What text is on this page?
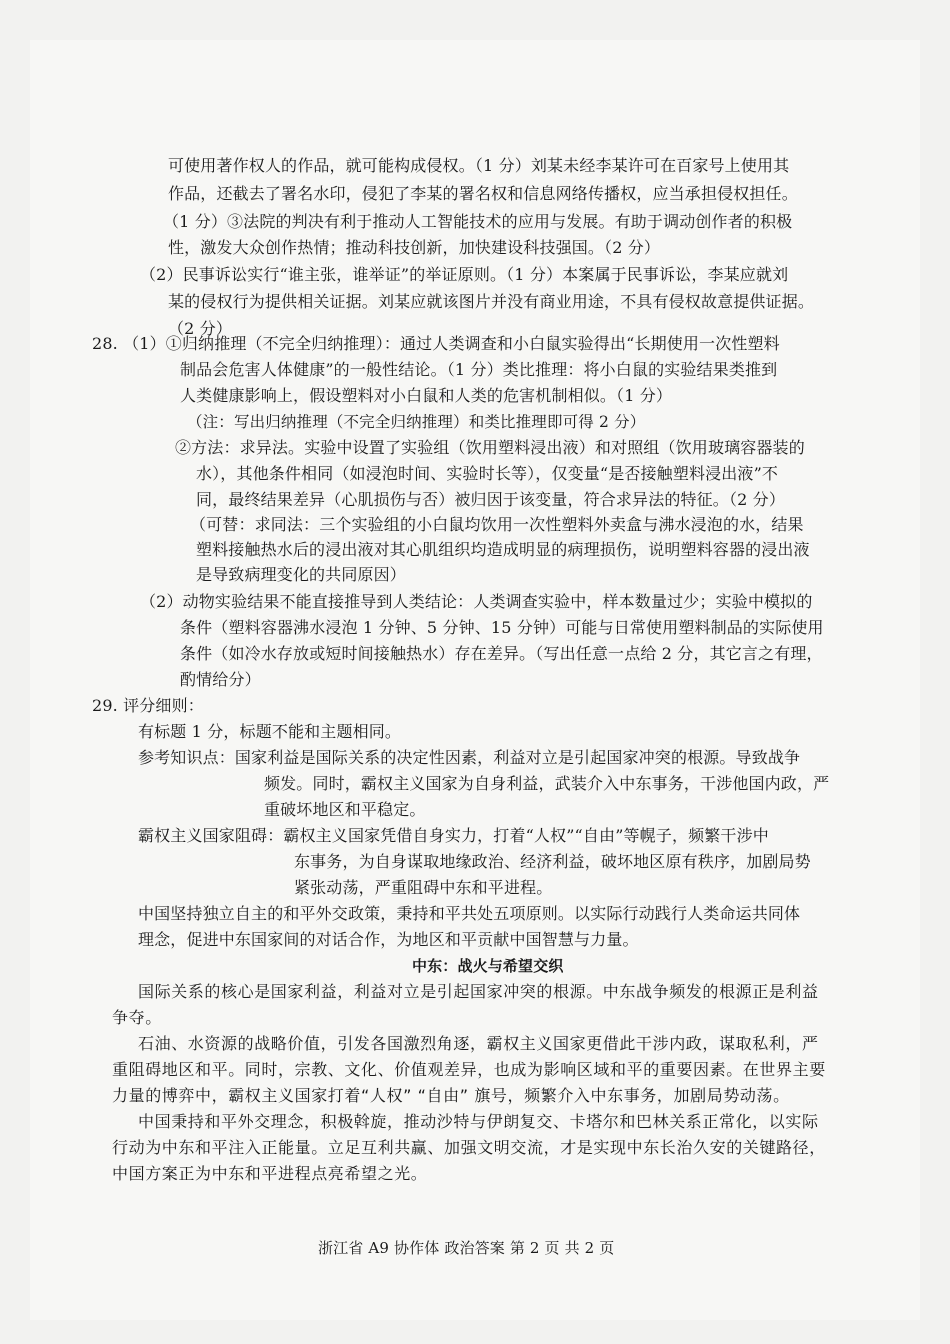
可使用著作权人的作品，就可能构成侵权。（1 分）刘某未经李某许可在百家号上使用其
作品，还截去了署名水印，侵犯了李某的署名权和信息网络传播权，应当承担侵权担任。
（1 分）③法院的判决有利于推动人工智能技术的应用与发展。有助于调动创作者的积极
性，激发大众创作热情；推动科技创新，加快建设科技强国。（2 分）
（2）民事诉讼实行“谁主张，谁举证”的举证原则。（1 分）本案属于民事诉讼，李某应就刘
某的侵权行为提供相关证据。刘某应就该图片并没有商业用途，不具有侵权故意提供证据。
（2 分）
28. （1）①归纳推理（不完全归纳推理）：通过人类调查和小白鼠实验得出“长期使用一次性塑料
制品会危害人体健康”的一般性结论。（1 分）类比推理：将小白鼠的实验结果类推到
人类健康影响上，假设塑料对小白鼠和人类的危害机制相似。（1 分）
（注：写出归纳推理（不完全归纳推理）和类比推理即可得 2 分）
②方法：求异法。实验中设置了实验组（饮用塑料浸出液）和对照组（饮用玻璃容器装的
水），其他条件相同（如浸泡时间、实验时长等），仅变量“是否接触塑料浸出液”不
同，最终结果差异（心肌损伤与否）被归因于该变量，符合求异法的特征。（2 分）
（可替：求同法：三个实验组的小白鼠均饮用一次性塑料外卖盒与沸水浸泡的水，结果
塑料接触热水后的浸出液对其心肌组织均造成明显的病理损伤，说明塑料容器的浸出液
是导致病理变化的共同原因）
（2）动物实验结果不能直接推导到人类结论：人类调查实验中，样本数量过少；实验中模拟的
条件（塑料容器沸水浸泡 1 分钟、5 分钟、15 分钟）可能与日常使用塑料制品的实际使用
条件（如冷水存放或短时间接触热水）存在差异。（写出任意一点给 2 分，其它言之有理，
酌情给分）
29. 评分细则：
有标题 1 分，标题不能和主题相同。
参考知识点：国家利益是国际关系的决定性因素，利益对立是引起国家冲突的根源。导致战争
频发。同时，霸权主义国家为自身利益，武装介入中东事务，干涉他国内政，严
重破坏地区和平稳定。
霸权主义国家阻碍：霸权主义国家凭借自身实力，打着“人权”“自由”等幌子，频繁干涉中
东事务，为自身谋取地缘政治、经济利益，破坏地区原有秩序，加剧局势
紧张动荡，严重阻碍中东和平进程。
中国坚持独立自主的和平外交政策，秉持和平共处五项原则。以实际行动践行人类命运共同体
理念，促进中东国家间的对话合作，为地区和平贡献中国智慧与力量。
中东：战火与希望交织
国际关系的核心是国家利益，利益对立是引起国家冲突的根源。中东战争频发的根源正是利益
争夺。
石油、水资源的战略价值，引发各国激烈角逐，霸权主义国家更借此干涉内政，谋取私利，严
重阻碍地区和平。同时，宗教、文化、价值观差异，也成为影响区域和平的重要因素。在世界主要
力量的博弈中，霸权主义国家打着“人权” “自由” 旗号，频繁介入中东事务，加剧局势动荡。
中国秉持和平外交理念，积极斡旋，推动沙特与伊朗复交、卡塔尔和巴林关系正常化，以实际
行动为中东和平注入正能量。立足互利共赢、加强文明交流，才是实现中东长治久安的关键路径，
中国方案正为中东和平进程点亮希望之光。
浙江省 A9 协作体 政治答案 第 2 页 共 2 页
